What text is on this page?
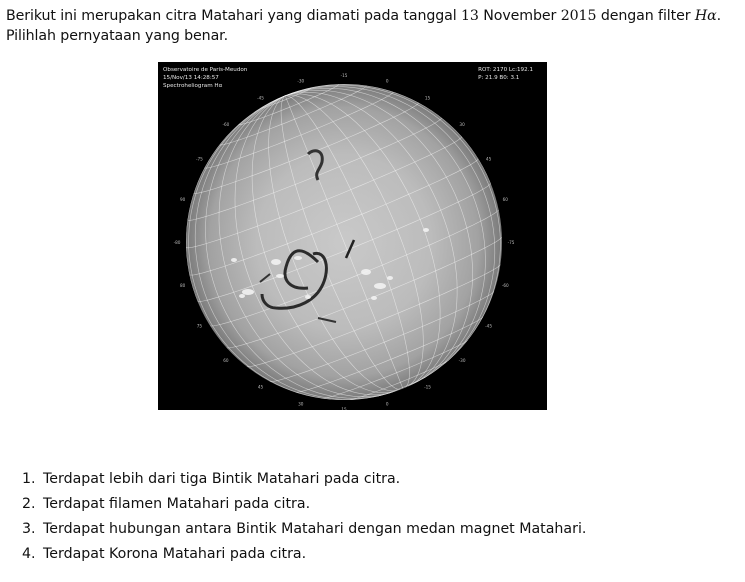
Berikut ini merupakan citra Matahari yang diamati pada tanggal 13 November 2015 dengan filter Hα.
Pilihlah pernyataan yang benar.
-75
-60
-45
-30
-15
0
15
30
45
60
75
80
-80
90
-75
-60
-45
-30
-15
0
15
30
45
60
Observatoire de Paris-Meudon
15/Nov/13 14:28:57
Spectroheliogram Hα
ROT: 2170 Lc:192.1
P: 21.9 B0: 3.1
1. Terdapat lebih dari tiga Bintik Matahari pada citra.
2. Terdapat filamen Matahari pada citra.
3. Terdapat hubungan antara Bintik Matahari dengan medan magnet Matahari.
4. Terdapat Korona Matahari pada citra.
